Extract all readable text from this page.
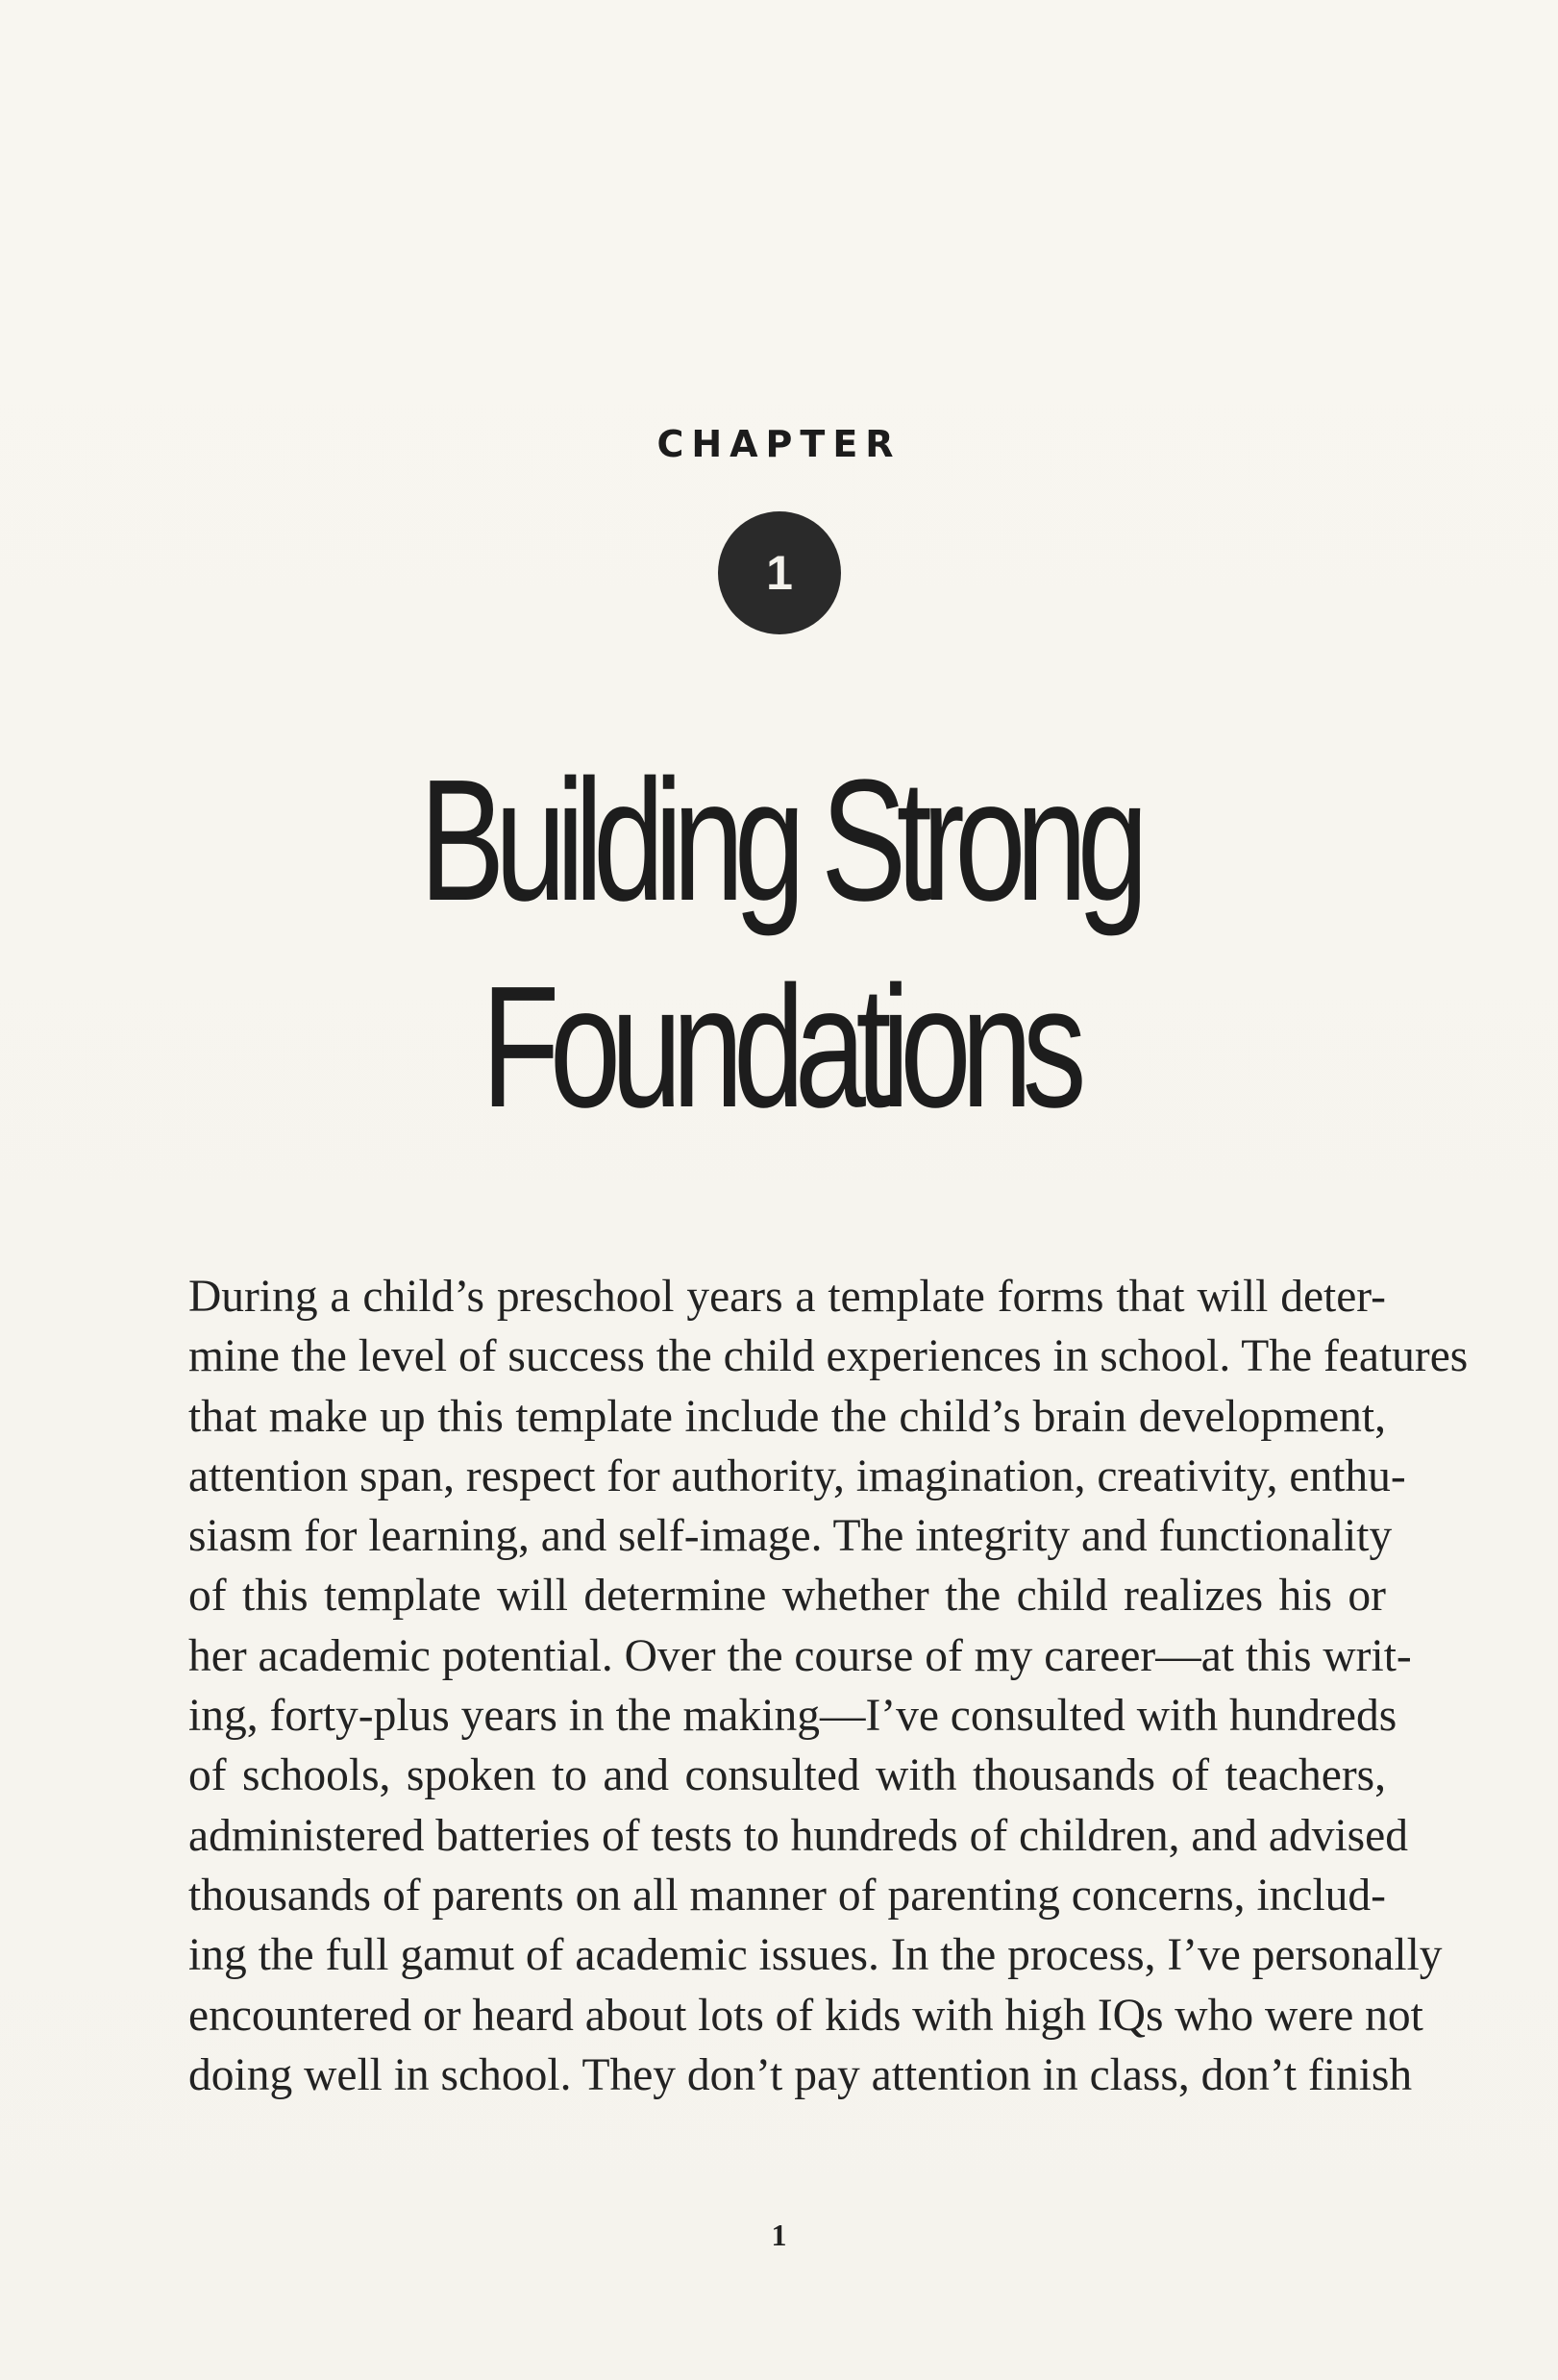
CHAPTER
1
Building Strong
Foundations
During a child’s preschool years a template forms that will deter-
mine the level of success the child experiences in school. The features
that make up this template include the child’s brain development,
attention span, respect for authority, imagination, creativity, enthu-
siasm for learning, and self-image. The integrity and functionality
of this template will determine whether the child realizes his or
her academic potential. Over the course of my career—at this writ-
ing, forty-plus years in the making—I’ve consulted with hundreds
of schools, spoken to and consulted with thousands of teachers,
administered batteries of tests to hundreds of children, and advised
thousands of parents on all manner of parenting concerns, includ-
ing the full gamut of academic issues. In the process, I’ve personally
encountered or heard about lots of kids with high IQs who were not
doing well in school. They don’t pay attention in class, don’t finish
1
